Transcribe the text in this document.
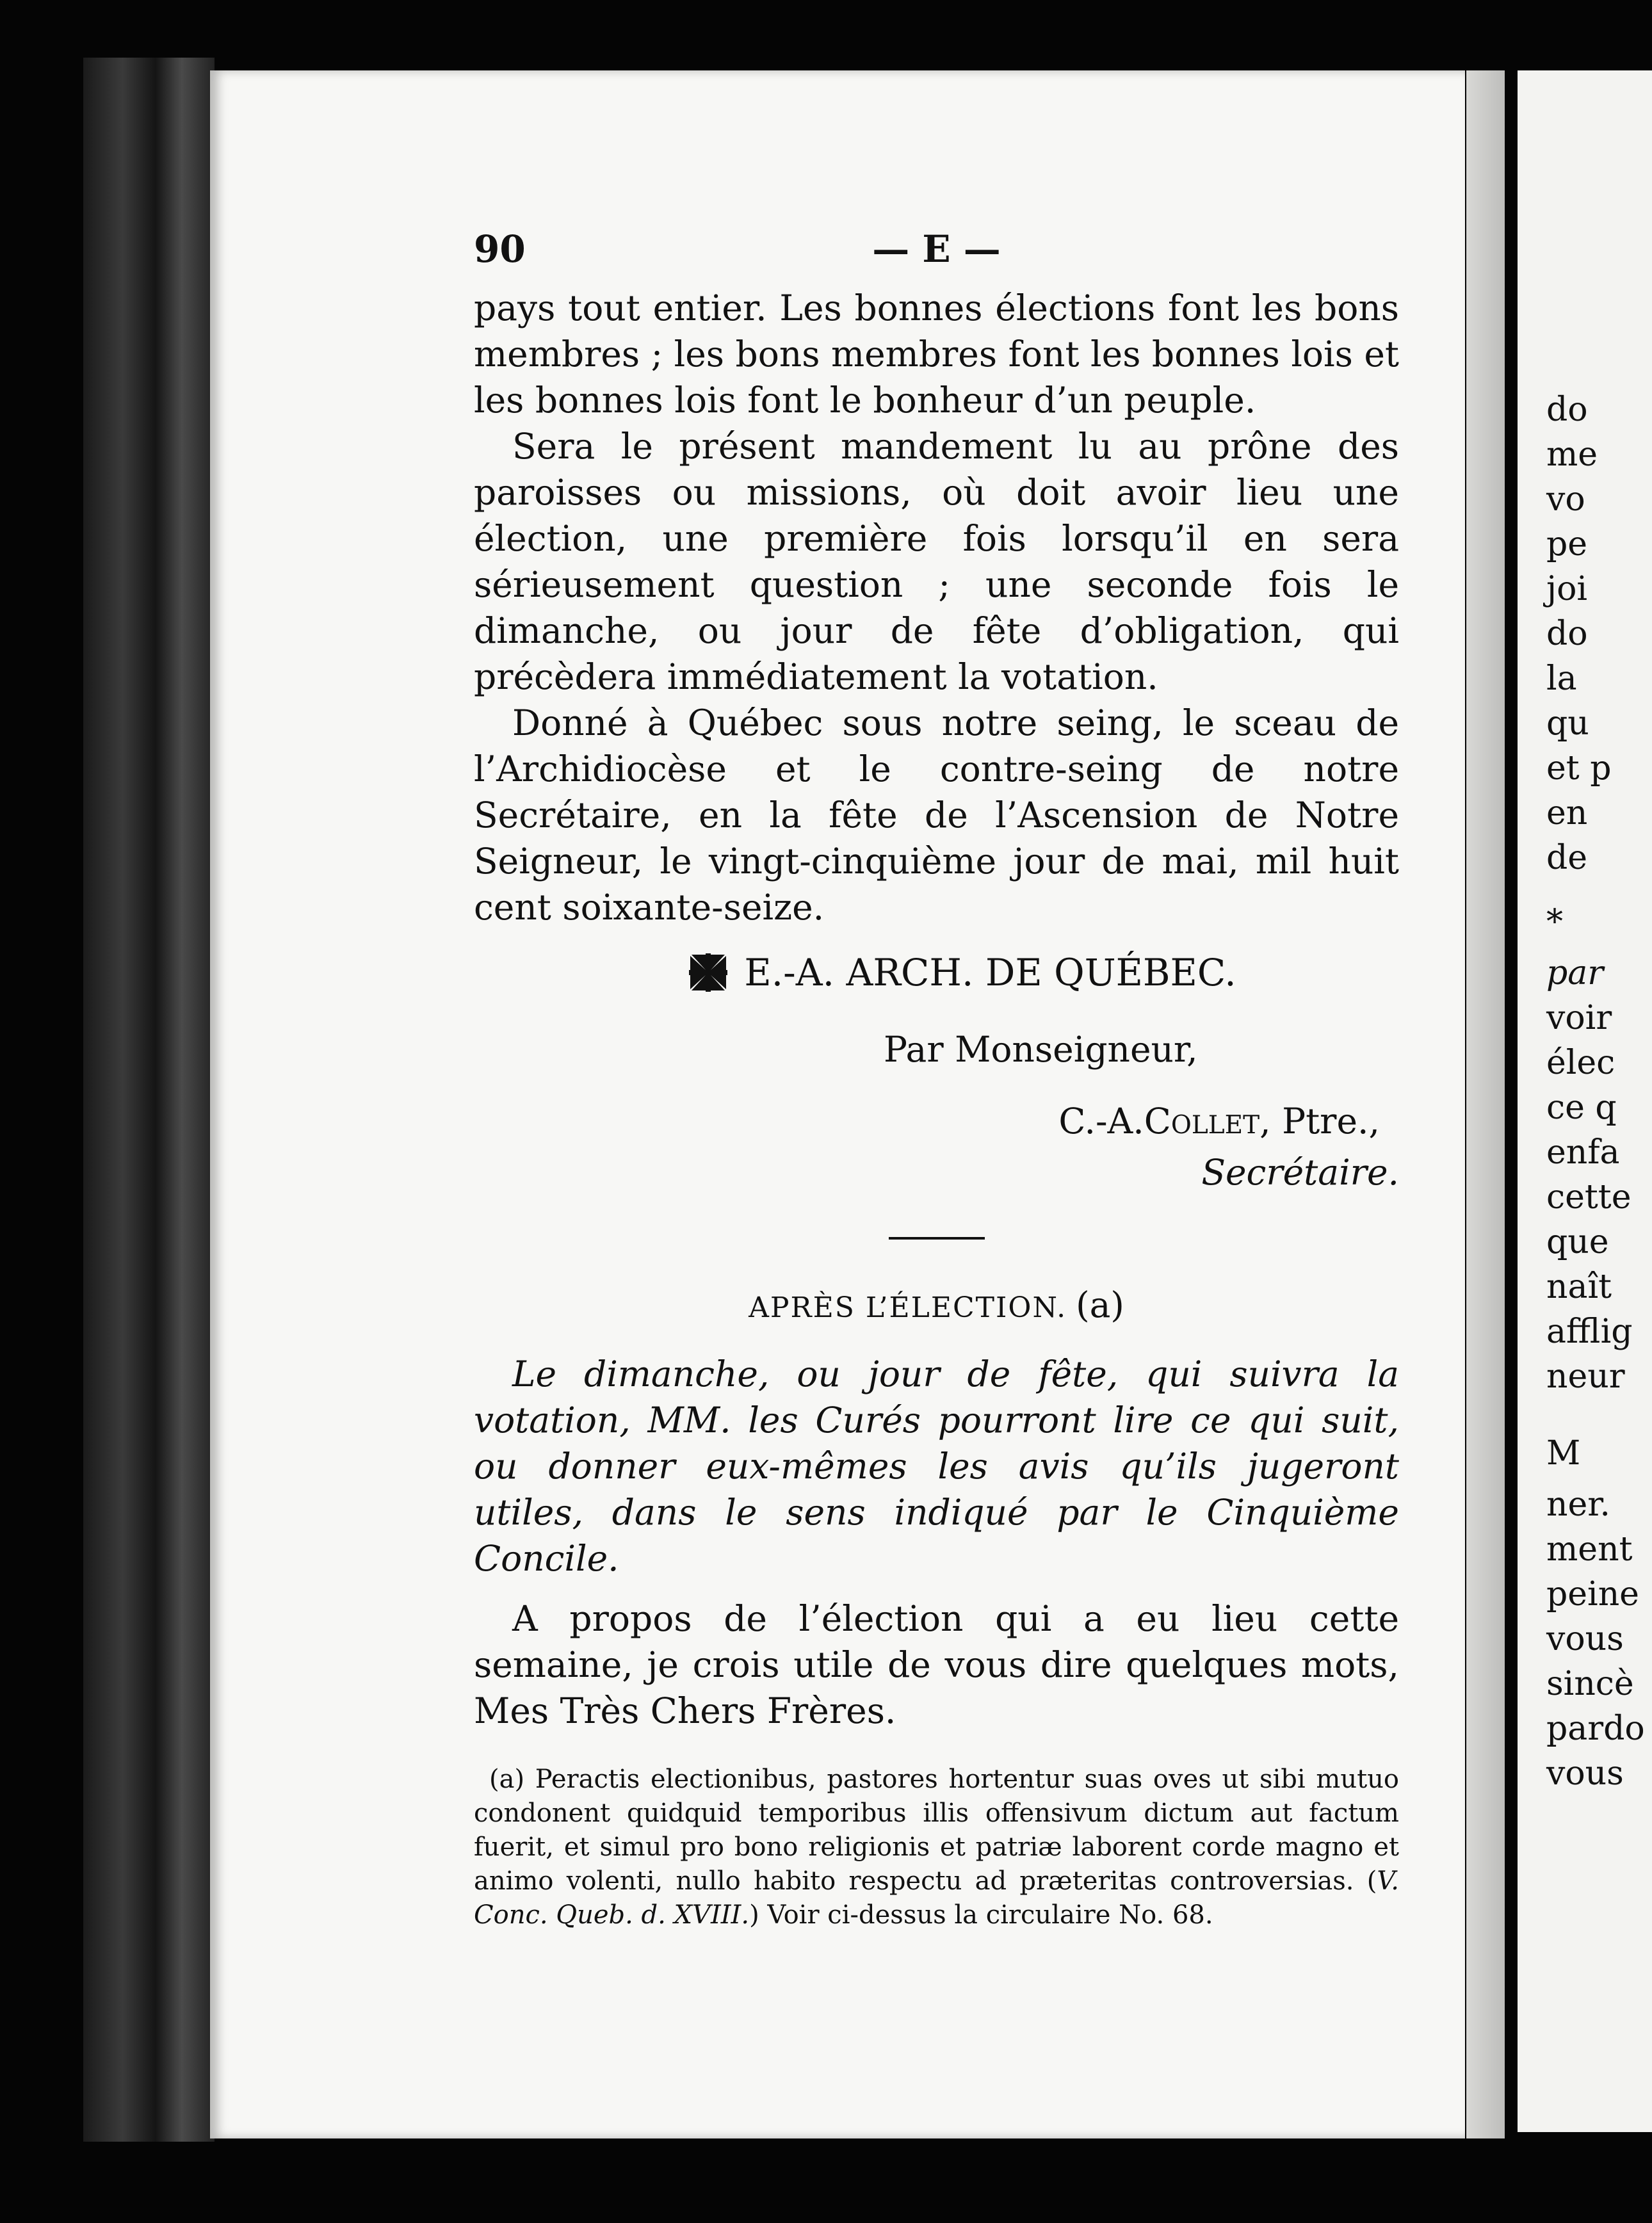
do
me
vo
pe
joi
do
la
qu
et p
en
de
*
par
voir
élec
ce q
enfa
cette
que
naît
afflig
neur
M
ner.
ment
peine
vous
sincè
pardo
vous
90	— E —

pays tout entier. Les bonnes élections font les bons membres ; les bons membres font les bonnes lois et les bonnes lois font le bonheur d’un peuple.

Sera le présent mandement lu au prône des paroisses ou missions, où doit avoir lieu une élection, une première fois lorsqu’il en sera sérieusement question ; une seconde fois le dimanche, ou jour de fête d’obligation, qui précèdera immédiatement la votation.

Donné à Québec sous notre seing, le sceau de l’Archidiocèse et le contre-seing de notre Secrétaire, en la fête de l’Ascension de Notre Seigneur, le vingt-cinquième jour de mai, mil huit cent soixante-seize.

E.-A. ARCH. DE QUÉBEC.
Par Monseigneur,
C.-A. Collet , Ptre.,
Secrétaire.
APRÈS L’ÉLECTION. (a)

Le dimanche, ou jour de fête, qui suivra la votation, MM. les Curés pourront lire ce qui suit, ou donner eux-mêmes les avis qu’ils jugeront utiles, dans le sens indiqué par le Cinquième Concile.

A propos de l’élection qui a eu lieu cette semaine, je crois utile de vous dire quelques mots, Mes Très Chers Frères.

(a) Peractis electionibus, pastores hortentur suas oves ut sibi mutuo condonent quidquid temporibus illis offensivum dictum aut factum fuerit, et simul pro bono religionis et patriæ laborent corde magno et animo volenti, nullo habito respectu ad præteritas controversias. (V. Conc. Queb. d. XVIII.) Voir ci-dessus la circulaire No. 68.
